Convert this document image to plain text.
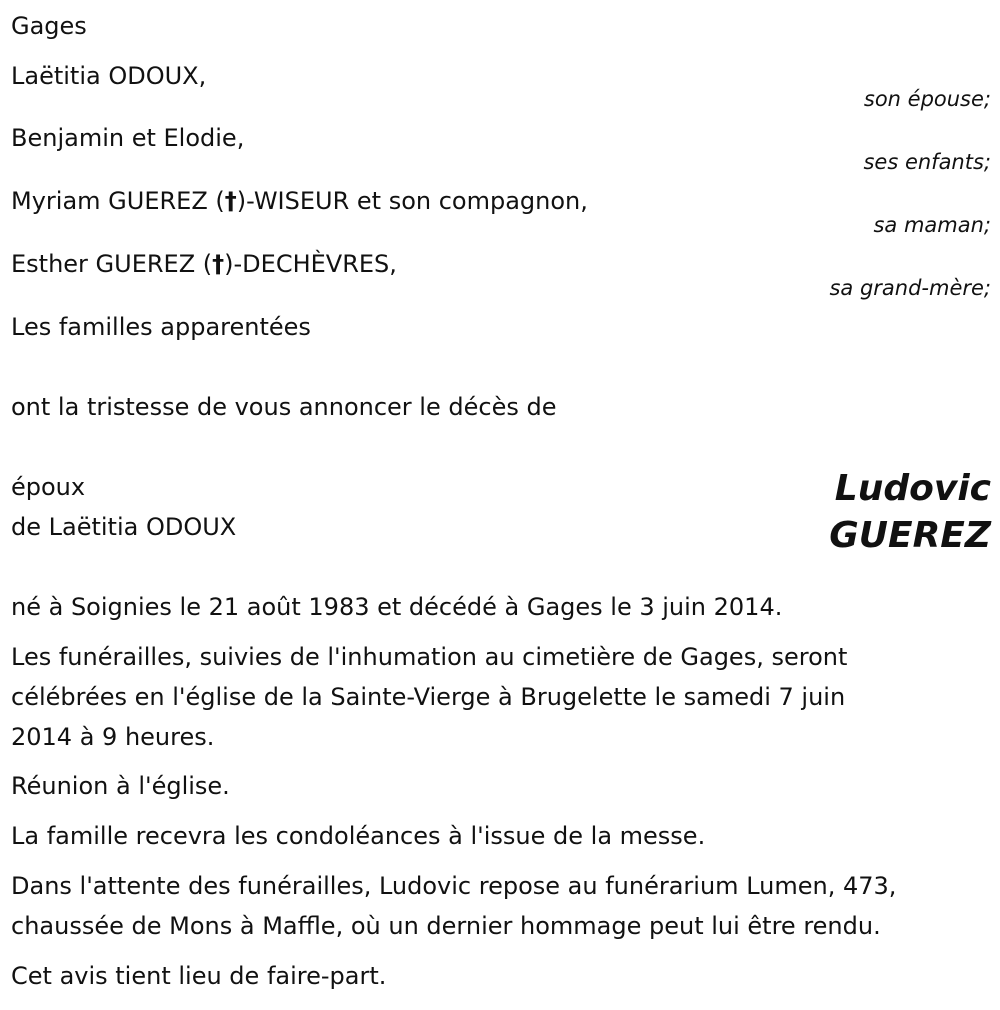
Gages
Laëtitia ODOUX,
son épouse;
Benjamin et Elodie,
ses enfants;
Myriam GUEREZ (†)-WISEUR et son compagnon,
sa maman;
Esther GUEREZ (†)-DECHÈVRES,
sa grand-mère;
Les familles apparentées
ont la tristesse de vous annoncer le décès de
époux
de Laëtitia ODOUX
Ludovic
GUEREZ
né à Soignies le 21 août 1983 et décédé à Gages le 3 juin 2014.
Les funérailles, suivies de l'inhumation au cimetière de Gages, seront
célébrées en l'église de la Sainte-Vierge à Brugelette le samedi 7 juin
2014 à 9 heures.
Réunion à l'église.
La famille recevra les condoléances à l'issue de la messe.
Dans l'attente des funérailles, Ludovic repose au funérarium Lumen, 473,
chaussée de Mons à Maffle, où un dernier hommage peut lui être rendu.
Cet avis tient lieu de faire-part.
